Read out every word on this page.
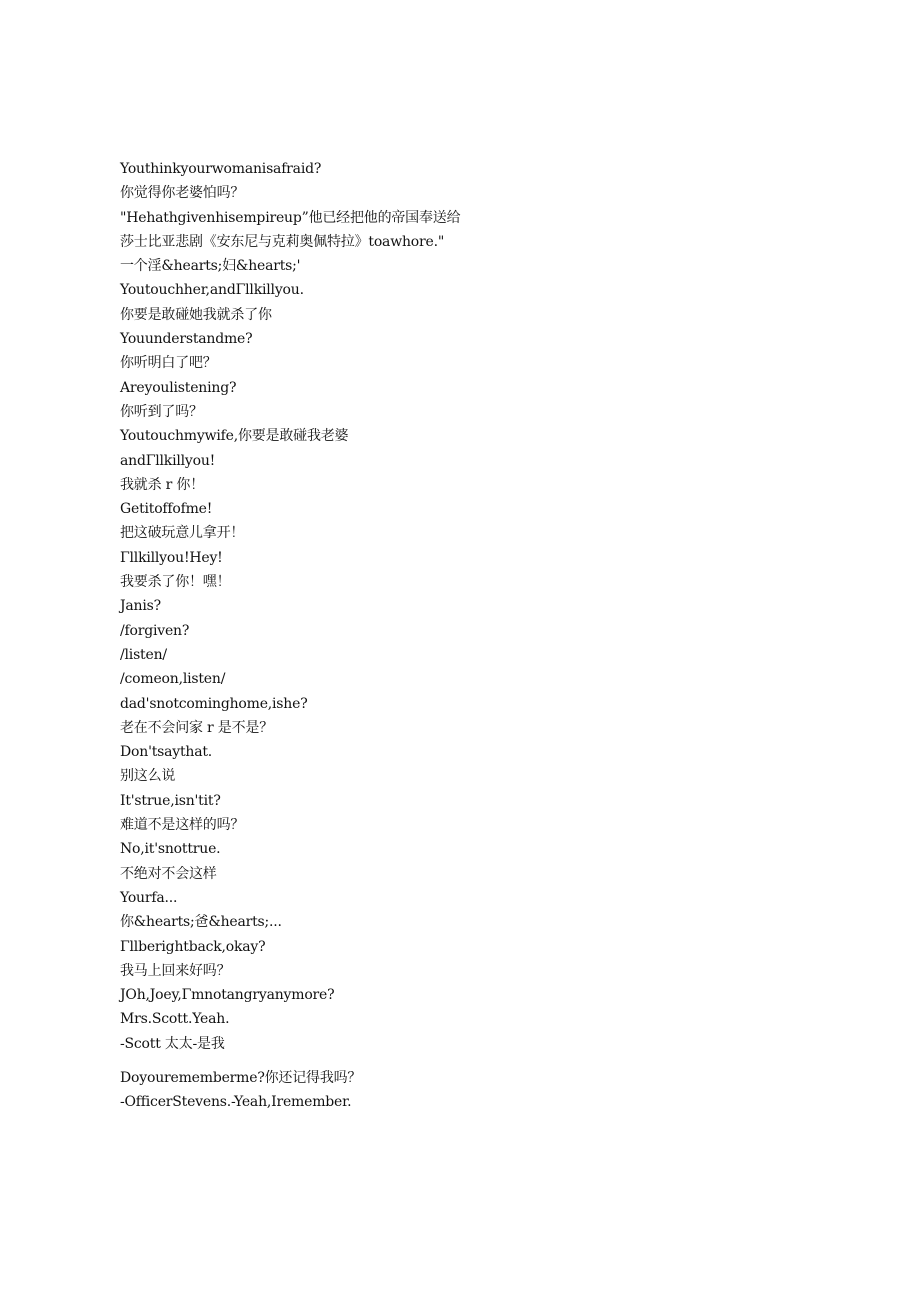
Youthinkyourwomanisafraid?
你觉得你老婆怕吗？
"Hehathgivenhisempireup”他已经把他的帝国奉送给
莎士比亚悲剧《安东尼与克莉奥佩特拉》toawhore."
一个淫&hearts;妇&hearts;'
Youtouchher,andΓllkillyou.
你要是敢碰她我就杀了你
Youunderstandme?
你听明白了吧？
Areyoulistening?
你听到了吗？
Youtouchmywife,你要是敢碰我老婆
andΓllkillyou!
我就杀 r 你！
Getitoffofme!
把这破玩意儿拿开！
Γllkillyou!Hey!
我要杀了你！嘿！
Janis?
/forgiven?
/listen/
/comeon,listen/
dad'snotcominghome,ishe?
老在不会问家 r 是不是？
Don'tsaythat.
别这么说
It'strue,isn'tit?
难道不是这样的吗？
No,it'snottrue.
不绝对不会这样
Yourfa...
你&hearts;爸&hearts;...
Γllberightback,okay?
我马上回来好吗？
JOh,Joey,Γmnotangryanymore?
Mrs.Scott.Yeah.
-Scott 太太-是我
Doyourememberme?你还记得我吗？
-OfficerStevens.-Yeah,Iremember.
